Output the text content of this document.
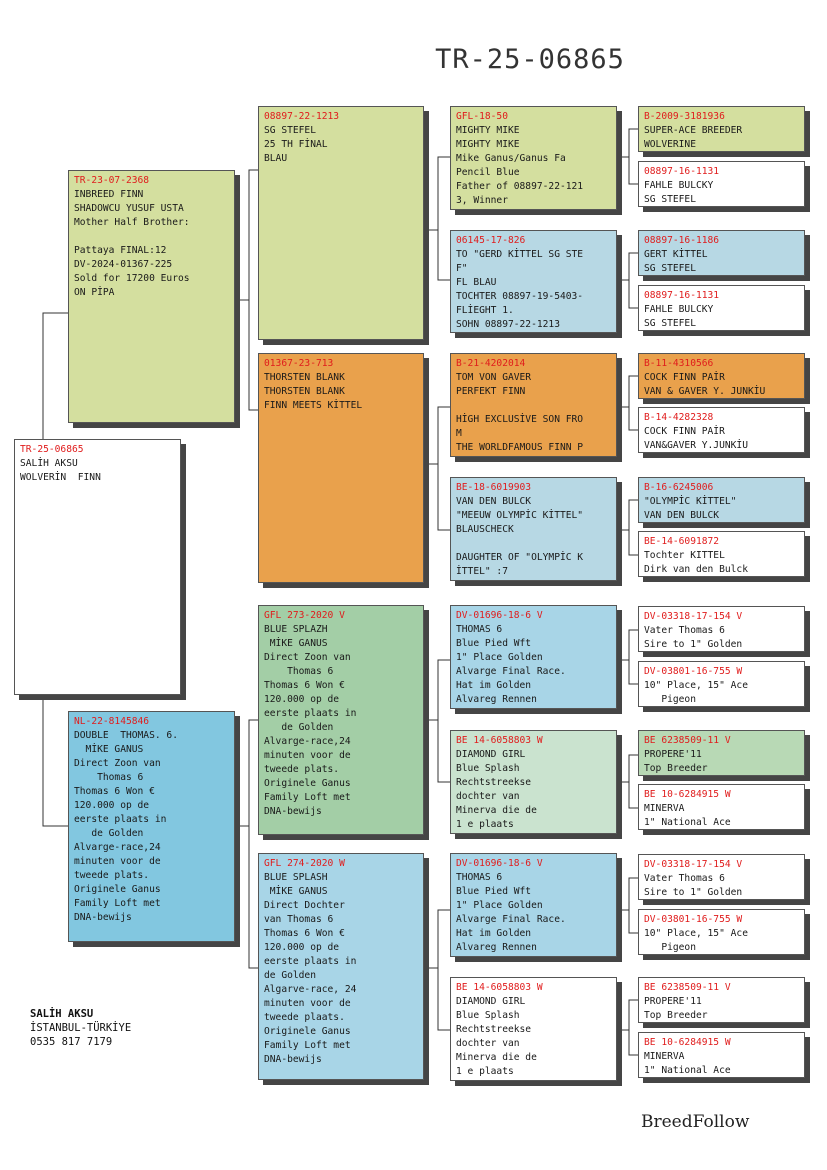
TR-25-06865
TR-25-06865
SALİH AKSU
WOLVERİN  FINN
TR-23-07-2368
INBREED FINN
SHADOWCU YUSUF USTA
Mother Half Brother:
Pattaya FINAL:12
DV-2024-01367-225
Sold for 17200 Euros
ON PİPA
NL-22-8145846
DOUBLE  THOMAS. 6.
MİKE GANUS
Direct Zoon van
Thomas 6
Thomas 6 Won €
120.000 op de
eerste plaats in
de Golden
Alvarge-race,24
minuten voor de
tweede plats.
Originele Ganus
Family Loft met
DNA-bewijs
08897-22-1213
SG STEFEL
25 TH FİNAL
BLAU
01367-23-713
THORSTEN BLANK
THORSTEN BLANK
FINN MEETS KİTTEL
GFL 273-2020 V
BLUE SPLAZH
MİKE GANUS
Direct Zoon van
Thomas 6
Thomas 6 Won €
120.000 op de
eerste plaats in
de Golden
Alvarge-race,24
minuten voor de
tweede plats.
Originele Ganus
Family Loft met
DNA-bewijs
GFL 274-2020 W
BLUE SPLASH
MİKE GANUS
Direct Dochter
van Thomas 6
Thomas 6 Won €
120.000 op de
eerste plaats in
de Golden
Algarve-race, 24
minuten voor de
tweede plaats.
Originele Ganus
Family Loft met
DNA-bewijs
GFL-18-50
MIGHTY MIKE
MIGHTY MIKE
Mike Ganus/Ganus Fa
Pencil Blue
Father of 08897-22-121
3, Winner
06145-17-826
TO "GERD KİTTEL SG STE
F"
FL BLAU
TOCHTER 08897-19-5403-
FLİEGHT 1.
SOHN 08897-22-1213
B-21-4202014
TOM VON GAVER
PERFEKT FINN
HİGH EXCLUSİVE SON FRO
M
THE WORLDFAMOUS FINN P
BE-18-6019903
VAN DEN BULCK
"MEEUW OLYMPİC KİTTEL"
BLAUSCHECK
DAUGHTER OF "OLYMPİC K
İTTEL" :7
DV-01696-18-6 V
THOMAS 6
Blue Pied Wft
1" Place Golden
Alvarge Final Race.
Hat im Golden
Alvareg Rennen
BE 14-6058803 W
DIAMOND GIRL
Blue Splash
Rechtstreekse
dochter van
Minerva die de
1 e plaats
DV-01696-18-6 V
THOMAS 6
Blue Pied Wft
1" Place Golden
Alvarge Final Race.
Hat im Golden
Alvareg Rennen
BE 14-6058803 W
DIAMOND GIRL
Blue Splash
Rechtstreekse
dochter van
Minerva die de
1 e plaats
B-2009-3181936
SUPER-ACE BREEDER
WOLVERINE
08897-16-1131
FAHLE BULCKY
SG STEFEL
08897-16-1186
GERT KİTTEL
SG STEFEL
08897-16-1131
FAHLE BULCKY
SG STEFEL
B-11-4310566
COCK FINN PAİR
VAN & GAVER Y. JUNKİU
B-14-4282328
COCK FINN PAİR
VAN&GAVER Y.JUNKİU
B-16-6245006
"OLYMPİC KİTTEL"
VAN DEN BULCK
BE-14-6091872
Tochter KITTEL
Dirk van den Bulck
DV-03318-17-154 V
Vater Thomas 6
Sire to 1" Golden
DV-03801-16-755 W
10" Place, 15" Ace
Pigeon
BE 6238509-11 V
PROPERE'11
Top Breeder
BE 10-6284915 W
MINERVA
1" National Ace
DV-03318-17-154 V
Vater Thomas 6
Sire to 1" Golden
DV-03801-16-755 W
10" Place, 15" Ace
Pigeon
BE 6238509-11 V
PROPERE'11
Top Breeder
BE 10-6284915 W
MINERVA
1" National Ace
SALİH AKSU
İSTANBUL-TÜRKİYE
0535 817 7179
BreedFollow
